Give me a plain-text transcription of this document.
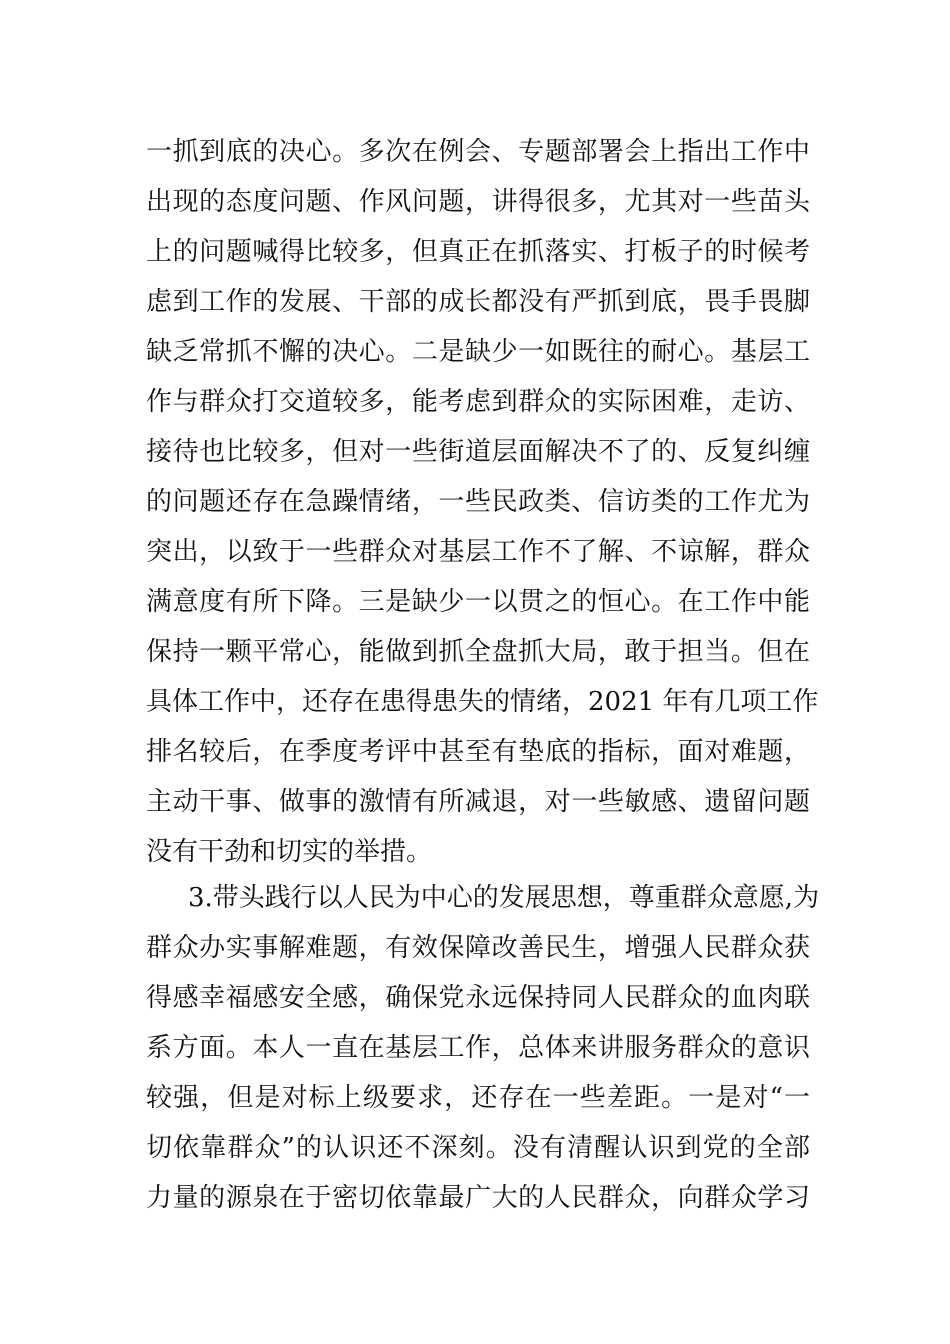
一抓到底的决心。多次在例会、专题部署会上指出工作中
出现的态度问题、作风问题，讲得很多，尤其对一些苗头
上的问题喊得比较多，但真正在抓落实、打板子的时候考
虑到工作的发展、干部的成长都没有严抓到底，畏手畏脚
缺乏常抓不懈的决心。二是缺少一如既往的耐心。基层工
作与群众打交道较多，能考虑到群众的实际困难，走访、
接待也比较多，但对一些街道层面解决不了的、反复纠缠
的问题还存在急躁情绪，一些民政类、信访类的工作尤为
突出，以致于一些群众对基层工作不了解、不谅解，群众
满意度有所下降。三是缺少一以贯之的恒心。在工作中能
保持一颗平常心，能做到抓全盘抓大局，敢于担当。但在
具体工作中，还存在患得患失的情绪，2021 年有几项工作
排名较后，在季度考评中甚至有垫底的指标，面对难题，
主动干事、做事的激情有所减退，对一些敏感、遗留问题
没有干劲和切实的举措。
3.带头践行以人民为中心的发展思想，尊重群众意愿,为
群众办实事解难题，有效保障改善民生，增强人民群众获
得感幸福感安全感，确保党永远保持同人民群众的血肉联
系方面。本人一直在基层工作，总体来讲服务群众的意识
较强，但是对标上级要求，还存在一些差距。一是对“一
切依靠群众”的认识还不深刻。没有清醒认识到党的全部
力量的源泉在于密切依靠最广大的人民群众，向群众学习
